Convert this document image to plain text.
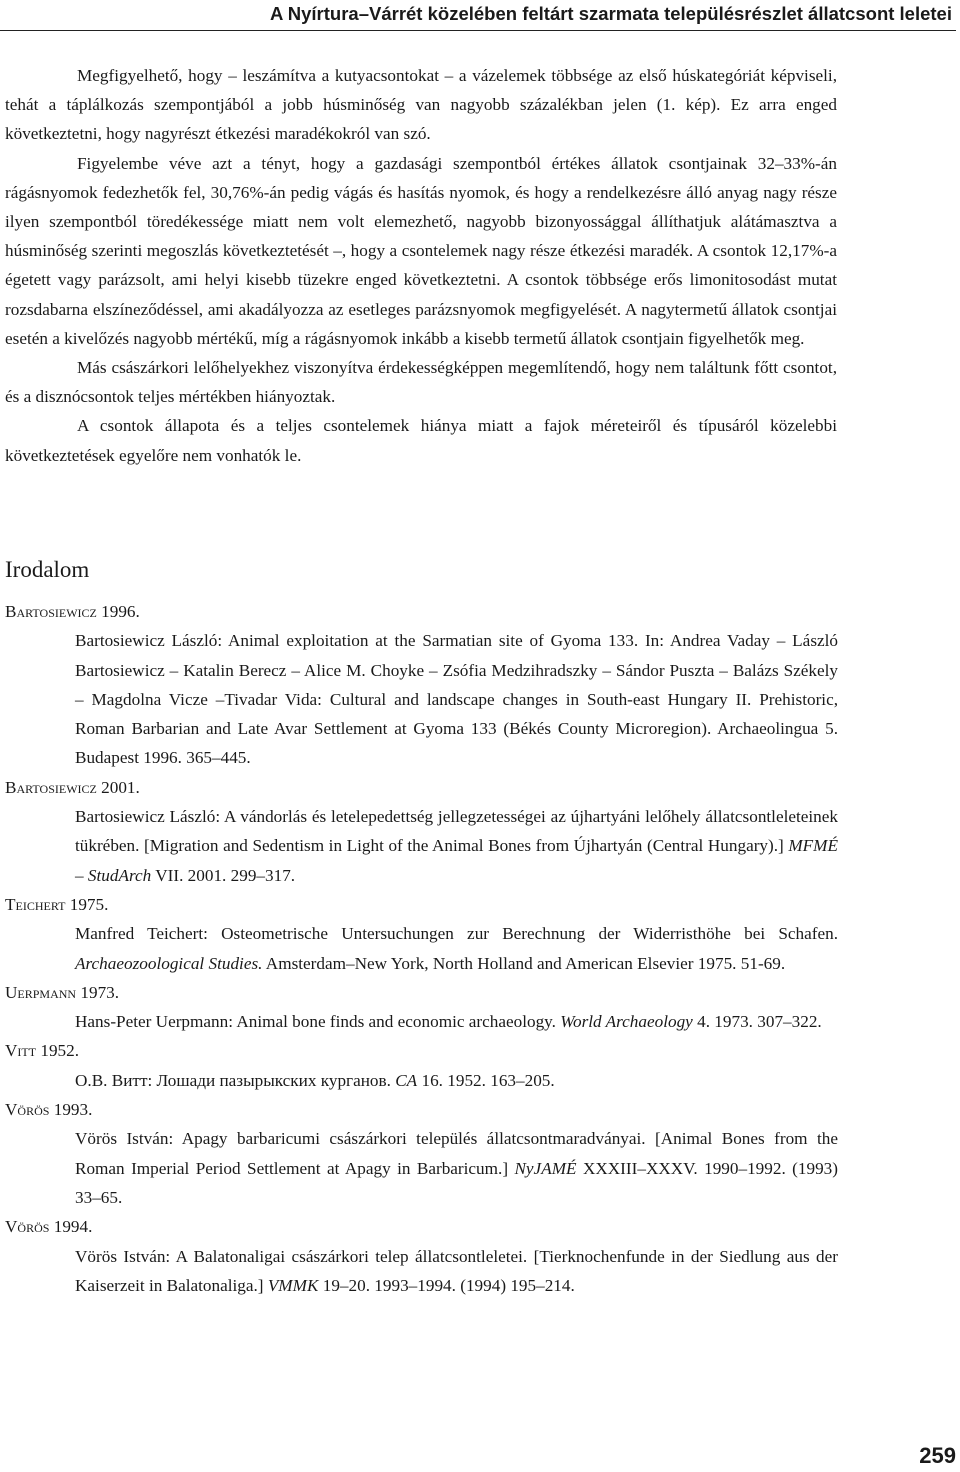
A Nyírtura–Várrét közelében feltárt szarmata településrészlet állatcsont leletei

Megfigyelhető, hogy – leszámítva a kutyacsontokat – a vázelemek többsége az első húskategóriát képviseli, tehát a táplálkozás szempontjából a jobb húsminőség van nagyobb százalékban jelen (1. kép). Ez arra enged következtetni, hogy nagyrészt étkezési maradékokról van szó.

Figyelembe véve azt a tényt, hogy a gazdasági szempontból értékes állatok csontjainak 32–33%-án rágásnyomok fedezhetők fel, 30,76%-án pedig vágás és hasítás nyomok, és hogy a rendelkezésre álló anyag nagy része ilyen szempontból töredékessége miatt nem volt elemezhető, nagyobb bizonyossággal állíthatjuk alátámasztva a húsminőség szerinti megoszlás következtetését –, hogy a csontelemek nagy része étkezési maradék. A csontok 12,17%-a égetett vagy parázsolt, ami helyi kisebb tüzekre enged következtetni. A csontok többsége erős limonitosodást mutat rozsdabarna elszíneződéssel, ami akadályozza az esetleges parázsnyomok megfigyelését. A nagytermetű állatok csontjai esetén a kivelőzés nagyobb mértékű, míg a rágásnyomok inkább a kisebb termetű állatok csontjain figyelhetők meg.

Más császárkori lelőhelyekhez viszonyítva érdekességképpen megemlítendő, hogy nem találtunk főtt csontot, és a disznócsontok teljes mértékben hiányoztak.

A csontok állapota és a teljes csontelemek hiánya miatt a fajok méreteiről és típusáról közelebbi következtetések egyelőre nem vonhatók le.

Irodalom
Bartosiewicz 1996.
Bartosiewicz László: Animal exploitation at the Sarmatian site of Gyoma 133. In: Andrea Vaday – László Bartosiewicz – Katalin Berecz – Alice M. Choyke – Zsófia Medzihradszky – Sándor Puszta – Balázs Székely – Magdolna Vicze –Tivadar Vida: Cultural and landscape changes in South-east Hungary II. Prehistoric, Roman Barbarian and Late Avar Settlement at Gyoma 133 (Békés County Microregion). Archaeolingua 5. Budapest 1996. 365–445.
Bartosiewicz 2001.
Bartosiewicz László: A vándorlás és letelepedettség jellegzetességei az újhartyáni lelőhely állatcsontleleteinek tükrében. [Migration and Sedentism in Light of the Animal Bones from Újhartyán (Central Hungary).] MFMÉ – StudArch VII. 2001. 299–317.
Teichert 1975.
Manfred Teichert: Osteometrische Untersuchungen zur Berechnung der Widerristhöhe bei Schafen. Archaeozoological Studies. Amsterdam–New York, North Holland and American Elsevier 1975. 51-69.
Uerpmann 1973.
Hans-Peter Uerpmann: Animal bone finds and economic archaeology. World Archaeology 4. 1973. 307–322.
Vitt 1952.
О.В. Витт: Лошади пазырыкских курганов. CA 16. 1952. 163–205.
Vörös 1993.
Vörös István: Apagy barbaricumi császárkori település állatcsontmaradványai. [Animal Bones from the Roman Imperial Period Settlement at Apagy in Barbaricum.] NyJAMÉ XXXIII–XXXV. 1990–1992. (1993) 33–65.
Vörös 1994.
Vörös István: A Balatonaligai császárkori telep állatcsontleletei. [Tierknochenfunde in der Siedlung aus der Kaiserzeit in Balatonaliga.] VMMK 19–20. 1993–1994. (1994) 195–214.
259
